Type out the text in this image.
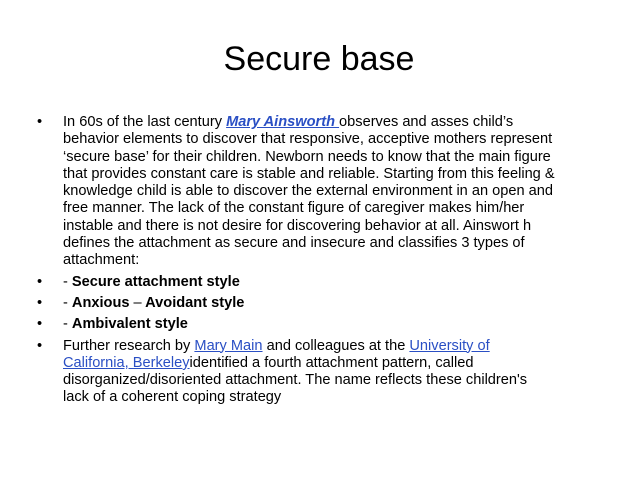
Secure base
• In 60s of the last century Mary Ainsworth observes and asses child’s behavior elements to discover that responsive, acceptive mothers represent ‘secure base’ for their children. Newborn needs to know that the main figure that provides constant care is stable and reliable. Starting from this feeling & knowledge child is able to discover the external environment in an open and free manner. The lack of the constant figure of caregiver makes him/her instable and there is not desire for discovering behavior at all. Ainswort h defines the attachment as secure and insecure and classifies 3 types of attachment:
• - Secure attachment style
• - Anxious – Avoidant style
• - Ambivalent style
• Further research by Mary Main and colleagues at the University of California, Berkeleyidentified a fourth attachment pattern, called disorganized/disoriented attachment. The name reflects these children's lack of a coherent coping strategy
